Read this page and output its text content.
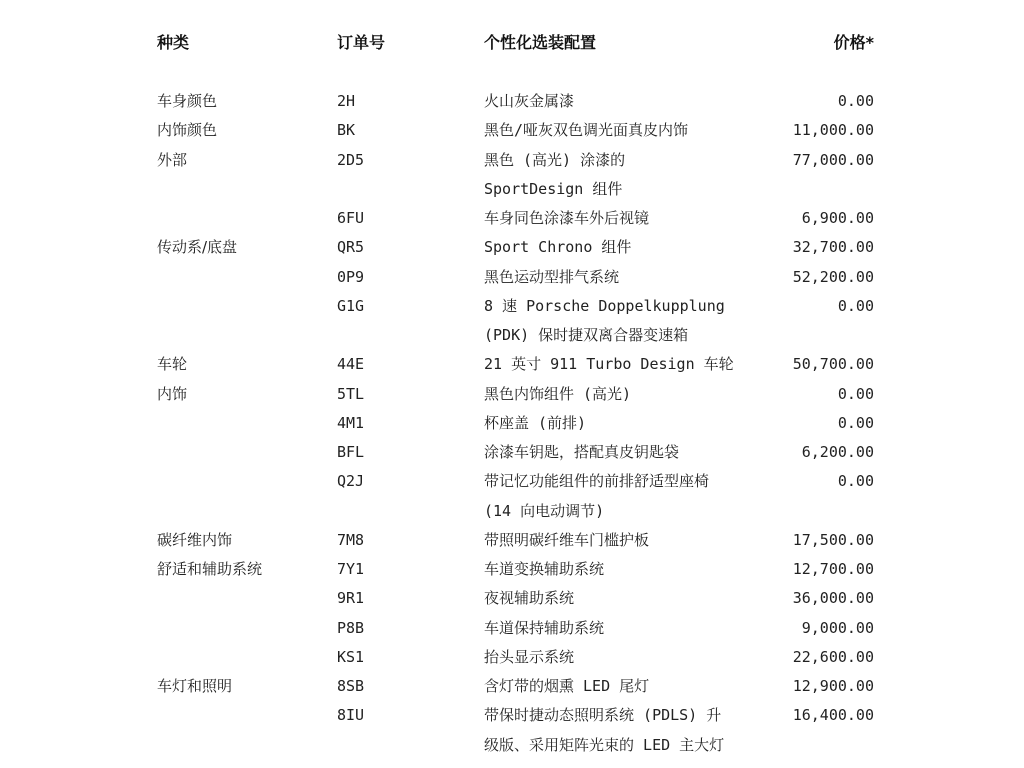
种类	订单号	个性化选装配置	价格*
车身颜色	2H	火山灰金属漆	0.00
内饰颜色	BK	黑色/哑灰双色调光面真皮内饰	11,000.00
外部	2D5	黑色 (高光) 涂漆的	77,000.00
SportDesign 组件
6FU	车身同色涂漆车外后视镜	6,900.00
传动系/底盘	QR5	Sport Chrono 组件	32,700.00
0P9	黑色运动型排气系统	52,200.00
G1G	8 速 Porsche Doppelkupplung	0.00
(PDK) 保时捷双离合器变速箱
车轮	44E	21 英寸 911 Turbo Design 车轮	50,700.00
内饰	5TL	黑色内饰组件 (高光)	0.00
4M1	杯座盖 (前排)	0.00
BFL	涂漆车钥匙，搭配真皮钥匙袋	6,200.00
Q2J	带记忆功能组件的前排舒适型座椅	0.00
(14 向电动调节)
碳纤维内饰	7M8	带照明碳纤维车门槛护板	17,500.00
舒适和辅助系统	7Y1	车道变换辅助系统	12,700.00
9R1	夜视辅助系统	36,000.00
P8B	车道保持辅助系统	9,000.00
KS1	抬头显示系统	22,600.00
车灯和照明	8SB	含灯带的烟熏 LED 尾灯	12,900.00
8IU	带保时捷动态照明系统 (PDLS) 升	16,400.00
级版、采用矩阵光束的 LED 主大灯
